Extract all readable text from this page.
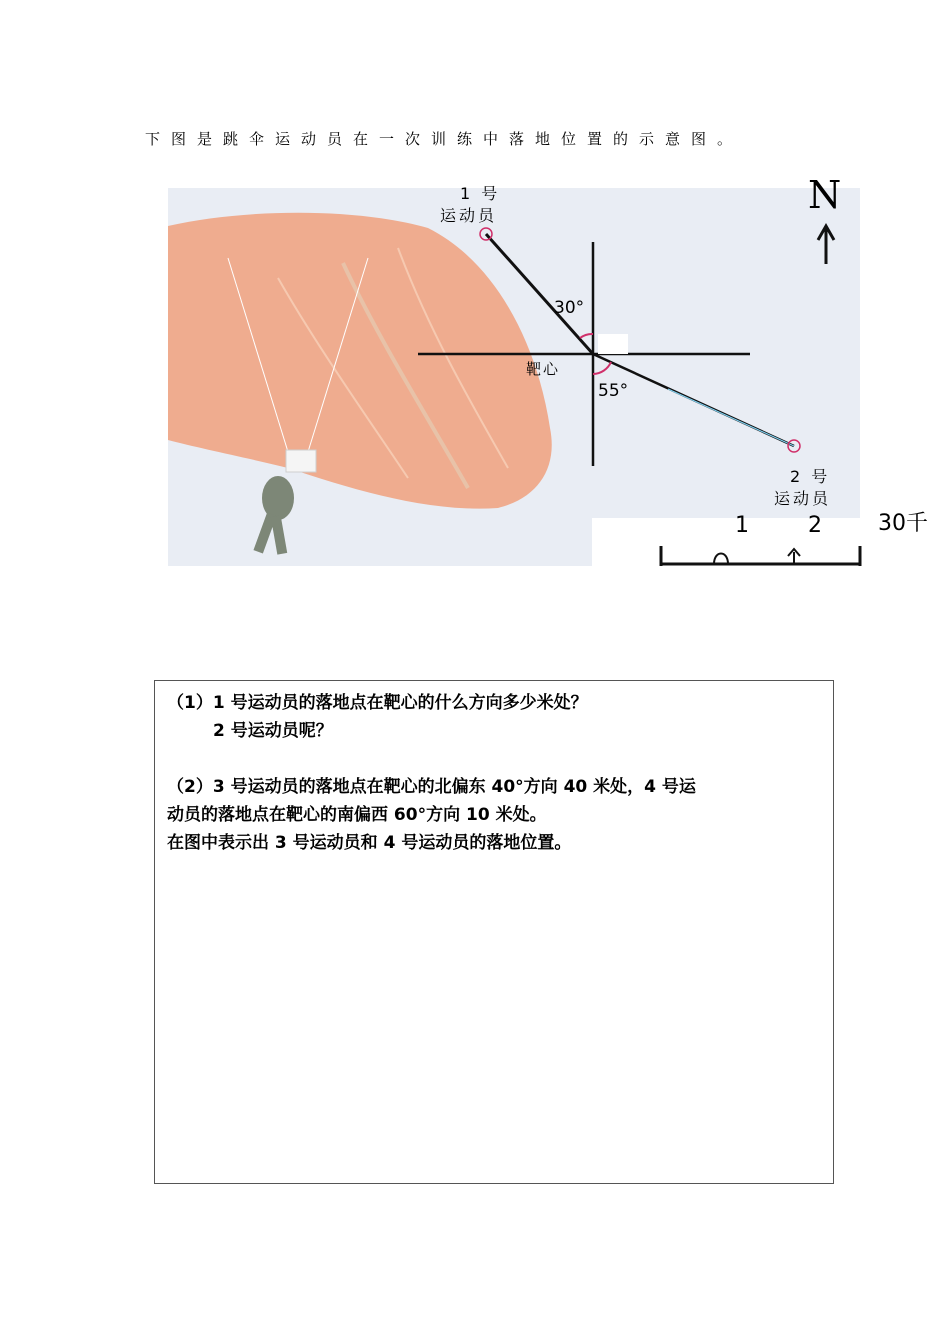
下图是跳伞运动员在一次训练中落地位置的示意图。
1 号
运动员
30°
靶心
55°
2 号
运动员
N
1	2	30千

（1）1 号运动员的落地点在靶心的什么方向多少米处？

2 号运动员呢？

（2）3 号运动员的落地点在靶心的北偏东 40°方向 40 米处，4 号运

动员的落地点在靶心的南偏西 60°方向 10 米处。

在图中表示出 3 号运动员和 4 号运动员的落地位置。
